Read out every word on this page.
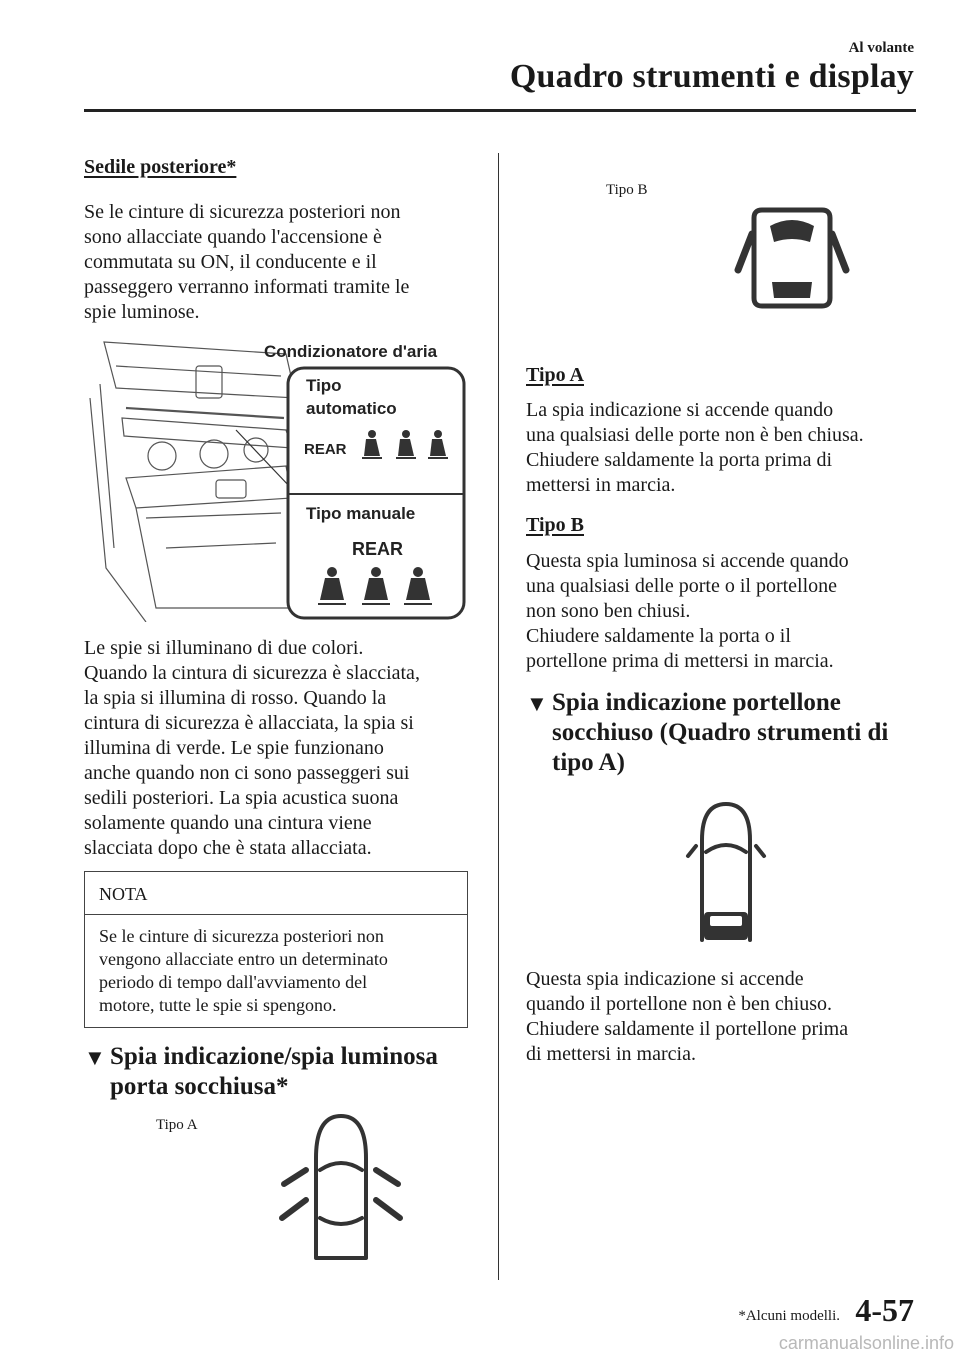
Al volante
Quadro strumenti e display
Sedile posteriore*
Se le cinture di sicurezza posteriori non
sono allacciate quando l'accensione è
commutata su ON, il conducente e il
passeggero verranno informati tramite le
spie luminose.
Condizionatore d'aria
Tipo
automatico
REAR
Tipo manuale
REAR
Le spie si illuminano di due colori.
Quando la cintura di sicurezza è slacciata,
la spia si illumina di rosso. Quando la
cintura di sicurezza è allacciata, la spia si
illumina di verde. Le spie funzionano
anche quando non ci sono passeggeri sui
sedili posteriori. La spia acustica suona
solamente quando una cintura viene
slacciata dopo che è stata allacciata.
NOTA
Se le cinture di sicurezza posteriori non
vengono allacciate entro un determinato
periodo di tempo dall'avviamento del
motore, tutte le spie si spengono.
▼ Spia indicazione/spia luminosa
porta socchiusa*
Tipo A
Tipo B
Tipo A
La spia indicazione si accende quando
una qualsiasi delle porte non è ben chiusa.
Chiudere saldamente la porta prima di
mettersi in marcia.
Tipo B
Questa spia luminosa si accende quando
una qualsiasi delle porte o il portellone
non sono ben chiusi.
Chiudere saldamente la porta o il
portellone prima di mettersi in marcia.
▼ Spia indicazione portellone
socchiuso (Quadro strumenti di
tipo A)
Questa spia indicazione si accende
quando il portellone non è ben chiuso.
Chiudere saldamente il portellone prima
di mettersi in marcia.
*Alcuni modelli. 4-57
carmanualsonline.info
